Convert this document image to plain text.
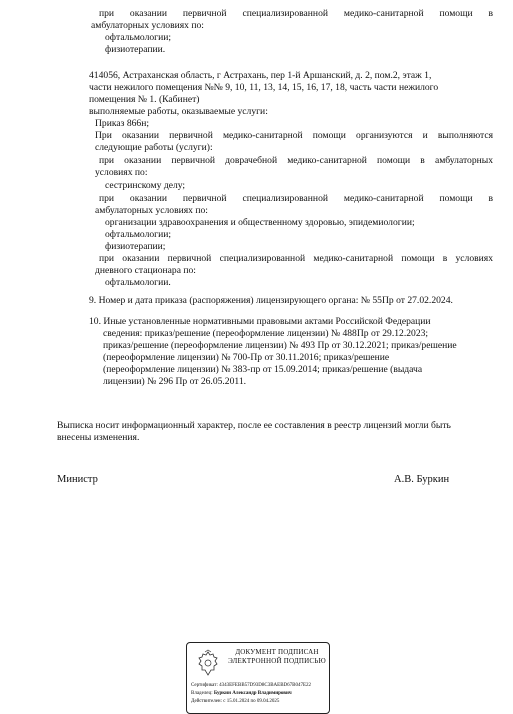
при оказании первичной специализированной медико-санитарной помощи в
амбулаторных условиях по:
офтальмологии;
физиотерапии.
414056, Астраханская область, г Астрахань, пер 1-й Аршанский, д. 2, пом.2, этаж 1,
части нежилого помещения №№ 9, 10, 11, 13, 14, 15, 16, 17, 18, часть части нежилого
помещения № 1. (Кабинет)
выполняемые работы, оказываемые услуги:
Приказ 866н;
При оказании первичной медико-санитарной помощи организуются и выполняются
следующие работы (услуги):
при оказании первичной доврачебной медико-санитарной помощи в амбулаторных
условиях по:
сестринскому делу;
при оказании первичной специализированной медико-санитарной помощи в
амбулаторных условиях по:
организации здравоохранения и общественному здоровью, эпидемиологии;
офтальмологии;
физиотерапии;
при оказании первичной специализированной медико-санитарной помощи в условиях
дневного стационара по:
офтальмологии.
9. Номер и дата приказа (распоряжения) лицензирующего органа: № 55Пр от 27.02.2024.
10. Иные установленные нормативными правовыми актами Российской Федерации
сведения: приказ/решение (переоформление лицензии) № 488Пр от 29.12.2023;
приказ/решение (переоформление лицензии) № 493 Пр от 30.12.2021; приказ/решение
(переоформление лицензии) № 700-Пр от 30.11.2016; приказ/решение
(переоформление лицензии) № 383-пр от 15.09.2014; приказ/решение (выдача
лицензии) № 296 Пр от 26.05.2011.
Выписка носит информационный характер, после ее составления в реестр лицензий могли быть
внесены изменения.
Министр	А.В. Буркин
ДОКУМЕНТ ПОДПИСАН ЭЛЕКТРОННОЙ ПОДПИСЬЮ
Сертификат: 4343EFEBB57D93D8C3BAEBD67B047E22
Владелец: Буркин Александр Владимирович
Действителен: с 15.01.2024 по 09.04.2025
